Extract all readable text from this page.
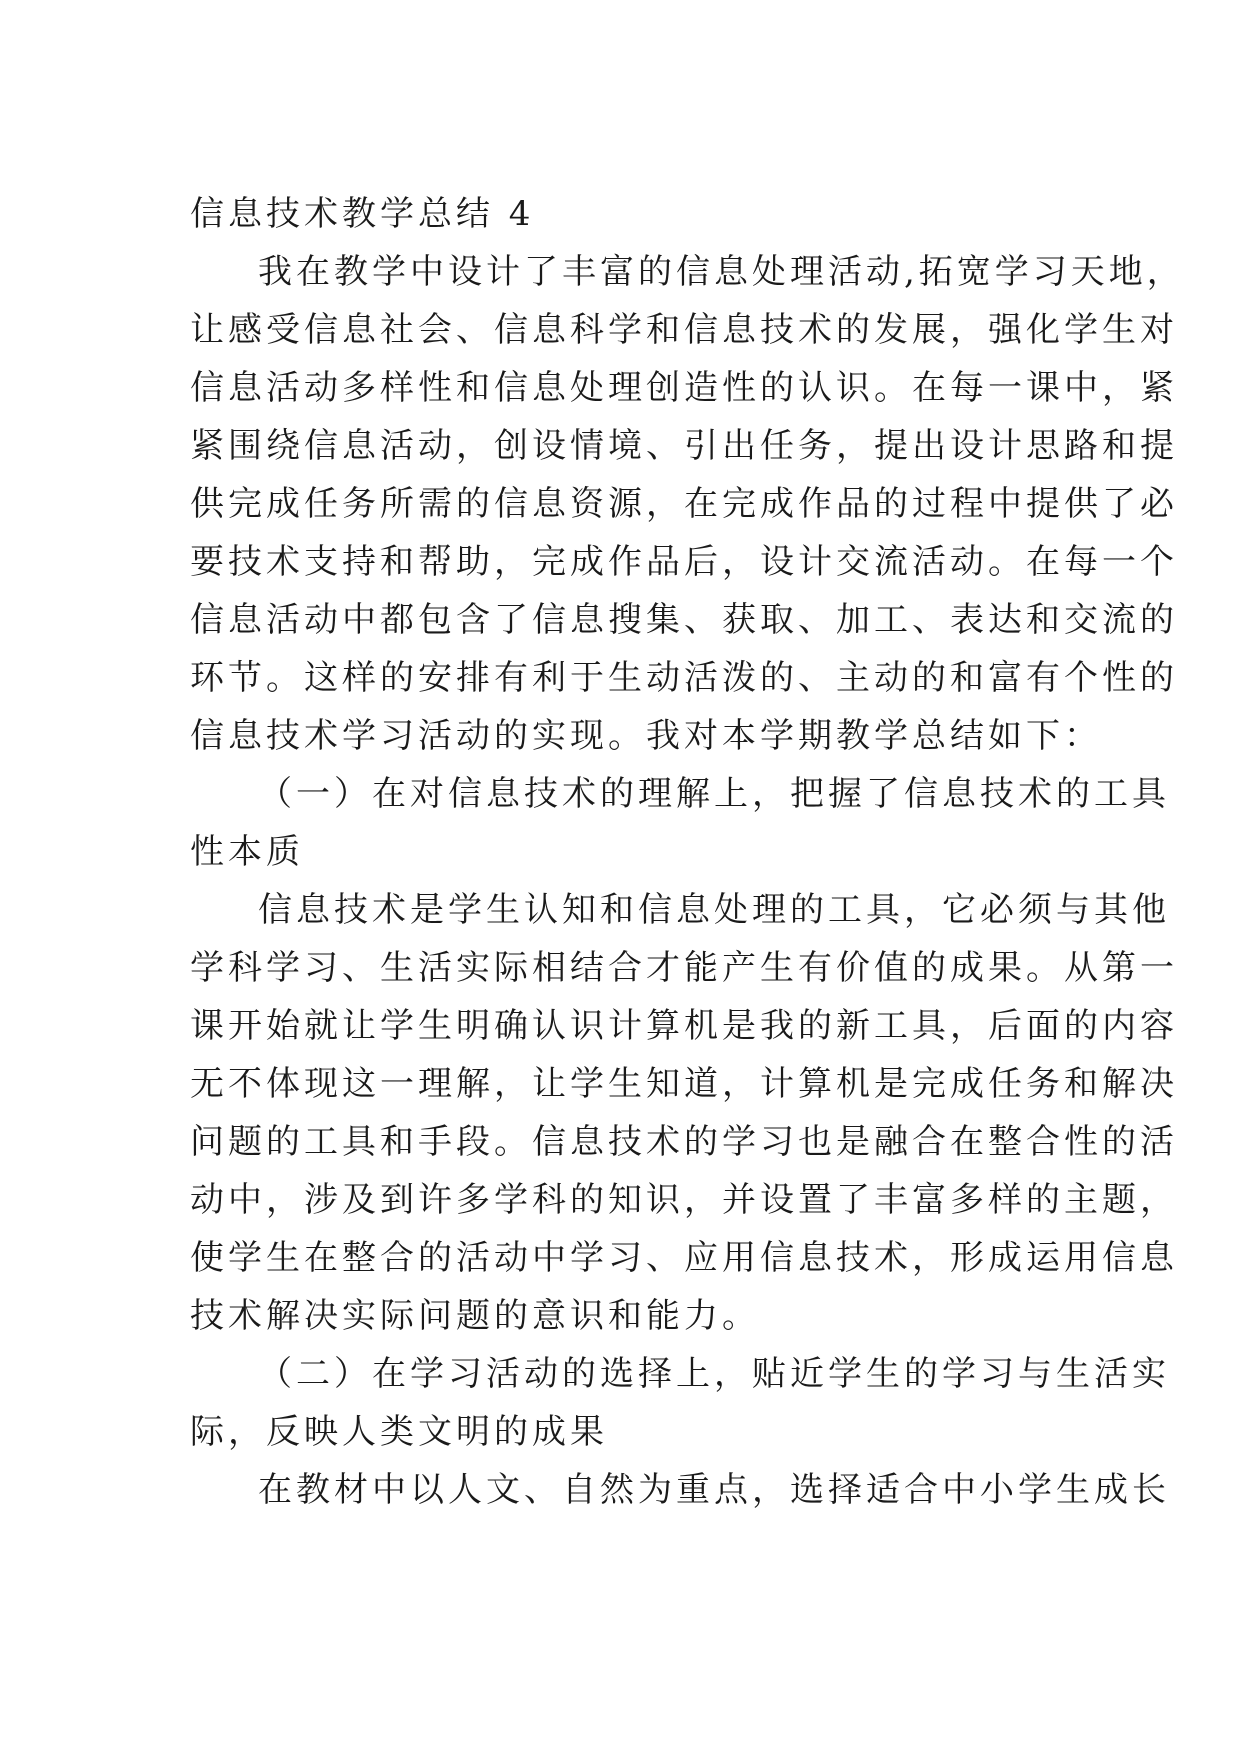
信息技术教学总结 4
我在教学中设计了丰富的信息处理活动,拓宽学习天地，
让感受信息社会、信息科学和信息技术的发展，强化学生对
信息活动多样性和信息处理创造性的认识。在每一课中，紧
紧围绕信息活动，创设情境、引出任务，提出设计思路和提
供完成任务所需的信息资源，在完成作品的过程中提供了必
要技术支持和帮助，完成作品后，设计交流活动。在每一个
信息活动中都包含了信息搜集、获取、加工、表达和交流的
环节。这样的安排有利于生动活泼的、主动的和富有个性的
信息技术学习活动的实现。我对本学期教学总结如下：
（一）在对信息技术的理解上，把握了信息技术的工具
性本质
信息技术是学生认知和信息处理的工具，它必须与其他
学科学习、生活实际相结合才能产生有价值的成果。从第一
课开始就让学生明确认识计算机是我的新工具，后面的内容
无不体现这一理解，让学生知道，计算机是完成任务和解决
问题的工具和手段。信息技术的学习也是融合在整合性的活
动中，涉及到许多学科的知识，并设置了丰富多样的主题，
使学生在整合的活动中学习、应用信息技术，形成运用信息
技术解决实际问题的意识和能力。
（二）在学习活动的选择上，贴近学生的学习与生活实
际，反映人类文明的成果
在教材中以人文、自然为重点，选择适合中小学生成长
